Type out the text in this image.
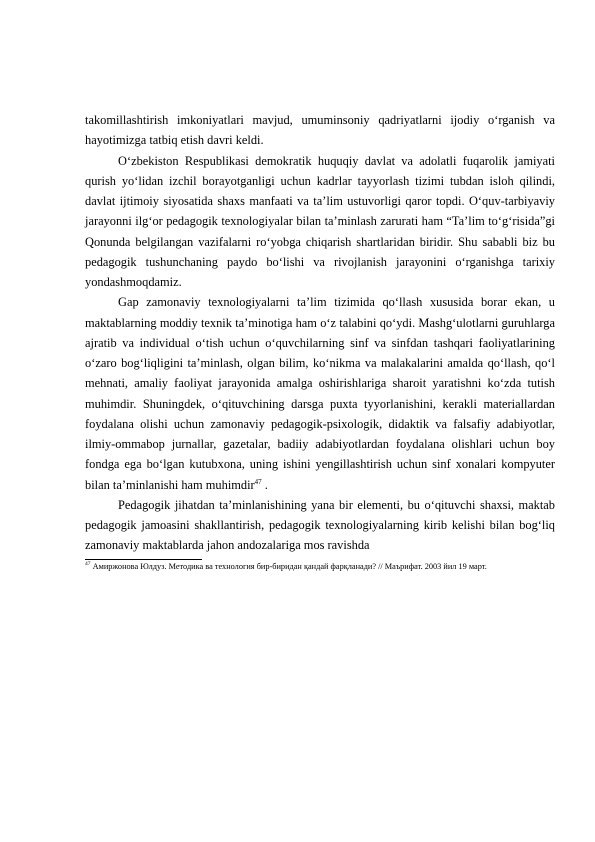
takomillashtirish imkoniyatlari mavjud, umuminsoniy qadriyatlarni ijodiy o‘rganish va hayotimizga tatbiq etish davri keldi.

O‘zbekiston Respublikasi demokratik huquqiy davlat va adolatli fuqarolik jamiyati qurish yo‘lidan izchil borayotganligi uchun kadrlar tayyorlash tizimi tubdan isloh qilindi, davlat ijtimoiy siyosatida shaxs manfaati va ta’lim ustuvorligi qaror topdi. O‘quv-tarbiyaviy jarayonni ilg‘or pedagogik texnologiyalar bilan ta’minlash zarurati ham “Ta’lim to‘g‘risida”gi Qonunda belgilangan vazifalarni ro‘yobga chiqarish shartlaridan biridir. Shu sababli biz bu pedagogik tushunchaning paydo bo‘lishi va rivojlanish jarayonini o‘rganishga tarixiy yondashmoqdamiz.

Gap zamonaviy texnologiyalarni ta’lim tizimida qo‘llash xususida borar ekan, u maktablarning moddiy texnik ta’minotiga ham o‘z talabini qo‘ydi. Mashg‘ulotlarni guruhlarga ajratib va individual o‘tish uchun o‘quvchilarning sinf va sinfdan tashqari faoliyatlarining o‘zaro bog‘liqligini ta’minlash, olgan bilim, ko‘nikma va malakalarini amalda qo‘llash, qo‘l mehnati, amaliy faoliyat jarayonida amalga oshirishlariga sharoit yaratishni ko‘zda tutish muhimdir. Shuningdek, o‘qituvchining darsga puxta tyyorlanishini, kerakli materiallardan foydalana olishi uchun zamonaviy pedagogik-psixologik, didaktik va falsafiy adabiyotlar, ilmiy-ommabop jurnallar, gazetalar, badiiy adabiyotlardan foydalana olishlari uchun boy fondga ega bo‘lgan kutubxona, uning ishini yengillashtirish uchun sinf xonalari kompyuter bilan ta’minlanishi ham muhimdir$^{47}$ .

Pedagogik jihatdan ta’minlanishining yana bir elementi, bu o‘qituvchi shaxsi, maktab pedagogik jamoasini shakllantirish, pedagogik texnologiyalarning kirib kelishi bilan bog‘liq zamonaviy maktablarda jahon andozalariga mos ravishda

$^{47}$ Амиржонова Юлдуз. Методика ва технология бир-биридан қандай фарқланади? // Маърифат. 2003 йил 19 март.
